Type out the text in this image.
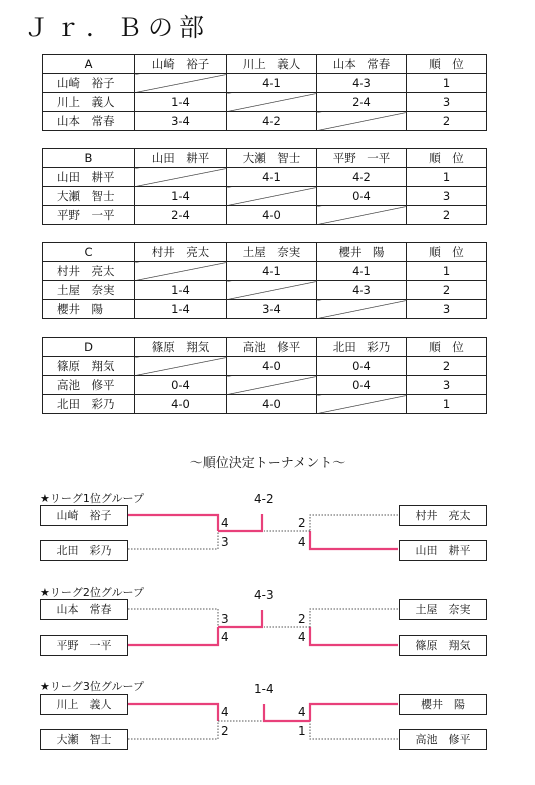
Ｊｒ．Ｂの部
A	山崎　裕子	川上　義人	山本　常春	順　位
山崎　裕子		4-1	4-3	1
川上　義人	1-4		2-4	3
山本　常春	3-4	4-2		2
B	山田　耕平	大瀬　智士	平野　一平	順　位
山田　耕平		4-1	4-2	1
大瀬　智士	1-4		0-4	3
平野　一平	2-4	4-0		2
C	村井　亮太	土屋　奈実	櫻井　陽	順　位
村井　亮太		4-1	4-1	1
土屋　奈実	1-4		4-3	2
櫻井　陽	1-4	3-4		3
D	篠原　翔気	高池　修平	北田　彩乃	順　位
篠原　翔気		4-0	0-4	2
高池　修平	0-4		0-4	3
北田　彩乃	4-0	4-0		1
～順位決定トーナメント～
★リーグ1位グループ	4-2
山崎　裕子
北田　彩乃
村井　亮太
山田　耕平
4
3
2
4
★リーグ2位グループ	4-3
山本　常春
平野　一平
土屋　奈実
篠原　翔気
3
4
2
4
★リーグ3位グループ	1-4
川上　義人
大瀬　智士
櫻井　陽
高池　修平
4
2
4
1
